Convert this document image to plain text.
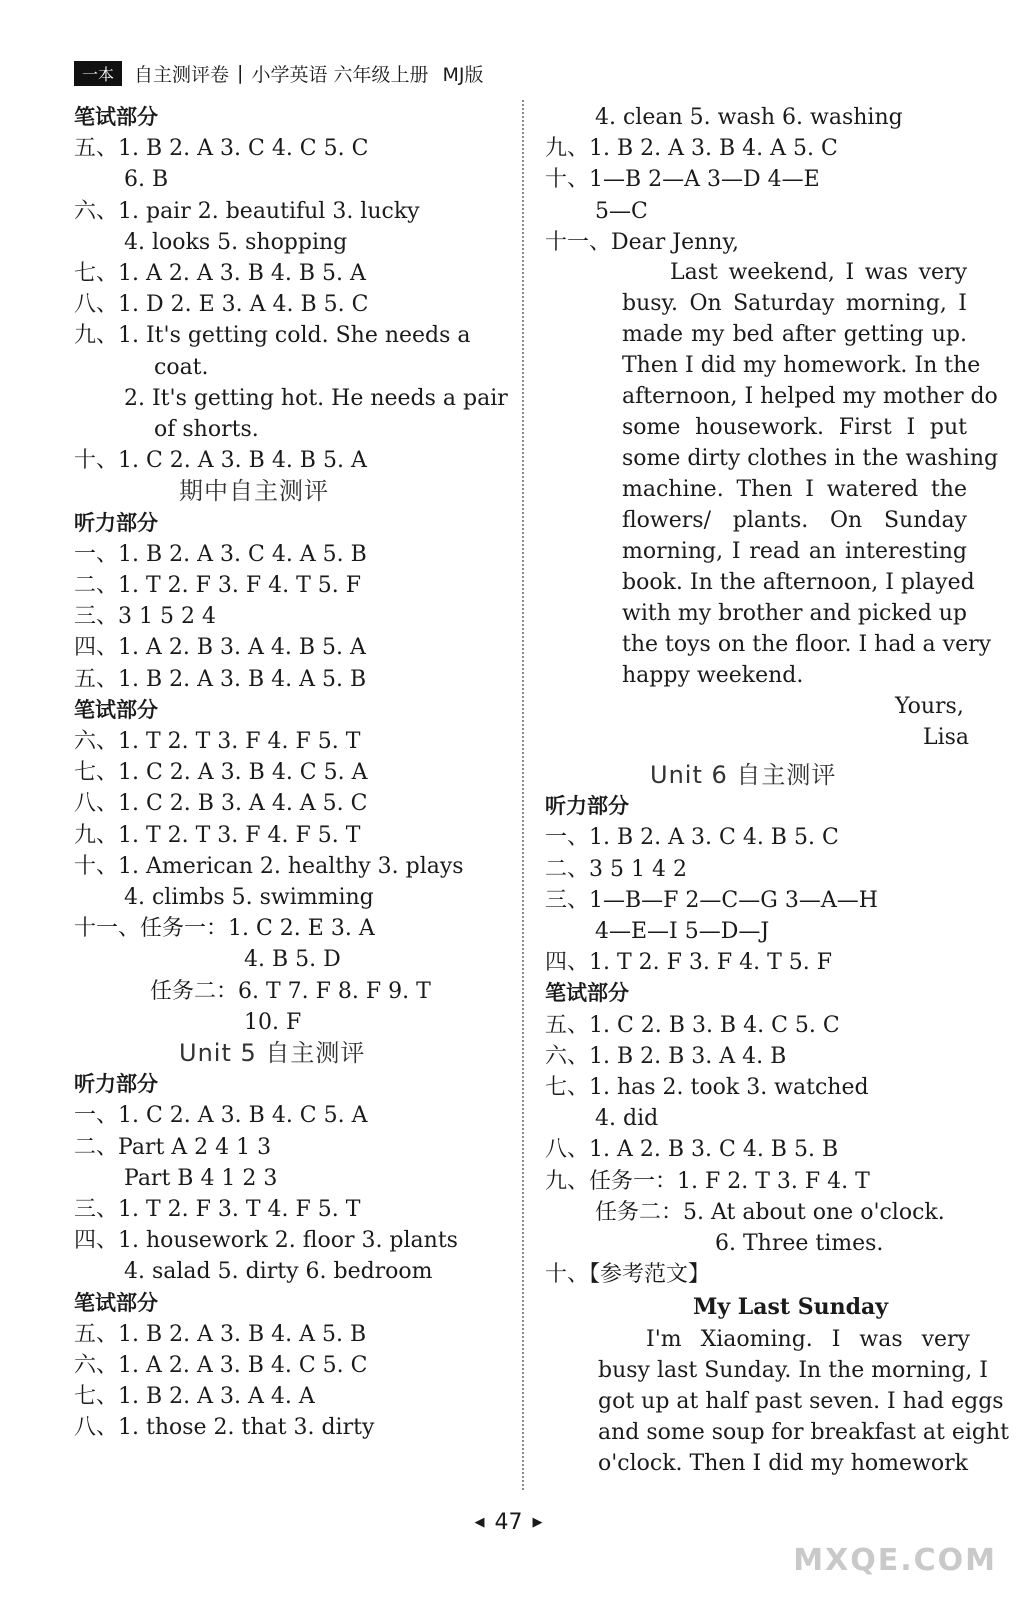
一本	自主测评卷 | 小学英语 六年级上册 MJ版
笔试部分
五、1. B 2. A 3. C 4. C 5. C
6. B
六、1. pair 2. beautiful 3. lucky
4. looks 5. shopping
七、1. A 2. A 3. B 4. B 5. A
八、1. D 2. E 3. A 4. B 5. C
九、1. It's getting cold. She needs a
coat.
2. It's getting hot. He needs a pair
of shorts.
十、1. C 2. A 3. B 4. B 5. A
期中自主测评
听力部分
一、1. B 2. A 3. C 4. A 5. B
二、1. T 2. F 3. F 4. T 5. F
三、3 1 5 2 4
四、1. A 2. B 3. A 4. B 5. A
五、1. B 2. A 3. B 4. A 5. B
笔试部分
六、1. T 2. T 3. F 4. F 5. T
七、1. C 2. A 3. B 4. C 5. A
八、1. C 2. B 3. A 4. A 5. C
九、1. T 2. T 3. F 4. F 5. T
十、1. American 2. healthy 3. plays
4. climbs 5. swimming
十一、任务一：1. C 2. E 3. A
4. B 5. D
任务二：6. T 7. F 8. F 9. T
10. F
Unit 5 自主测评
听力部分
一、1. C 2. A 3. B 4. C 5. A
二、Part A 2 4 1 3
Part B 4 1 2 3
三、1. T 2. F 3. T 4. F 5. T
四、1. housework 2. floor 3. plants
4. salad 5. dirty 6. bedroom
笔试部分
五、1. B 2. A 3. B 4. A 5. B
六、1. A 2. A 3. B 4. C 5. C
七、1. B 2. A 3. A 4. A
八、1. those 2. that 3. dirty
4. clean 5. wash 6. washing
九、1. B 2. A 3. B 4. A 5. C
十、1—B 2—A 3—D 4—E
5—C
十一、Dear Jenny,
Last weekend, I was very
busy. On Saturday morning, I
made my bed after getting up.
Then I did my homework. In the
afternoon, I helped my mother do
some housework. First I put
some dirty clothes in the washing
machine. Then I watered the
flowers/ plants. On Sunday
morning, I read an interesting
book. In the afternoon, I played
with my brother and picked up
the toys on the floor. I had a very
happy weekend.
Yours,
Lisa
Unit 6 自主测评
听力部分
一、1. B 2. A 3. C 4. B 5. C
二、3 5 1 4 2
三、1—B—F 2—C—G 3—A—H
4—E—I 5—D—J
四、1. T 2. F 3. F 4. T 5. F
笔试部分
五、1. C 2. B 3. B 4. C 5. C
六、1. B 2. B 3. A 4. B
七、1. has 2. took 3. watched
4. did
八、1. A 2. B 3. C 4. B 5. B
九、任务一：1. F 2. T 3. F 4. T
任务二：5. At about one o'clock.
6. Three times.
十、【参考范文】
My Last Sunday
I'm Xiaoming. I was very
busy last Sunday. In the morning, I
got up at half past seven. I had eggs
and some soup for breakfast at eight
o'clock. Then I did my homework
◀ 47 ▶
MXQE.COM
